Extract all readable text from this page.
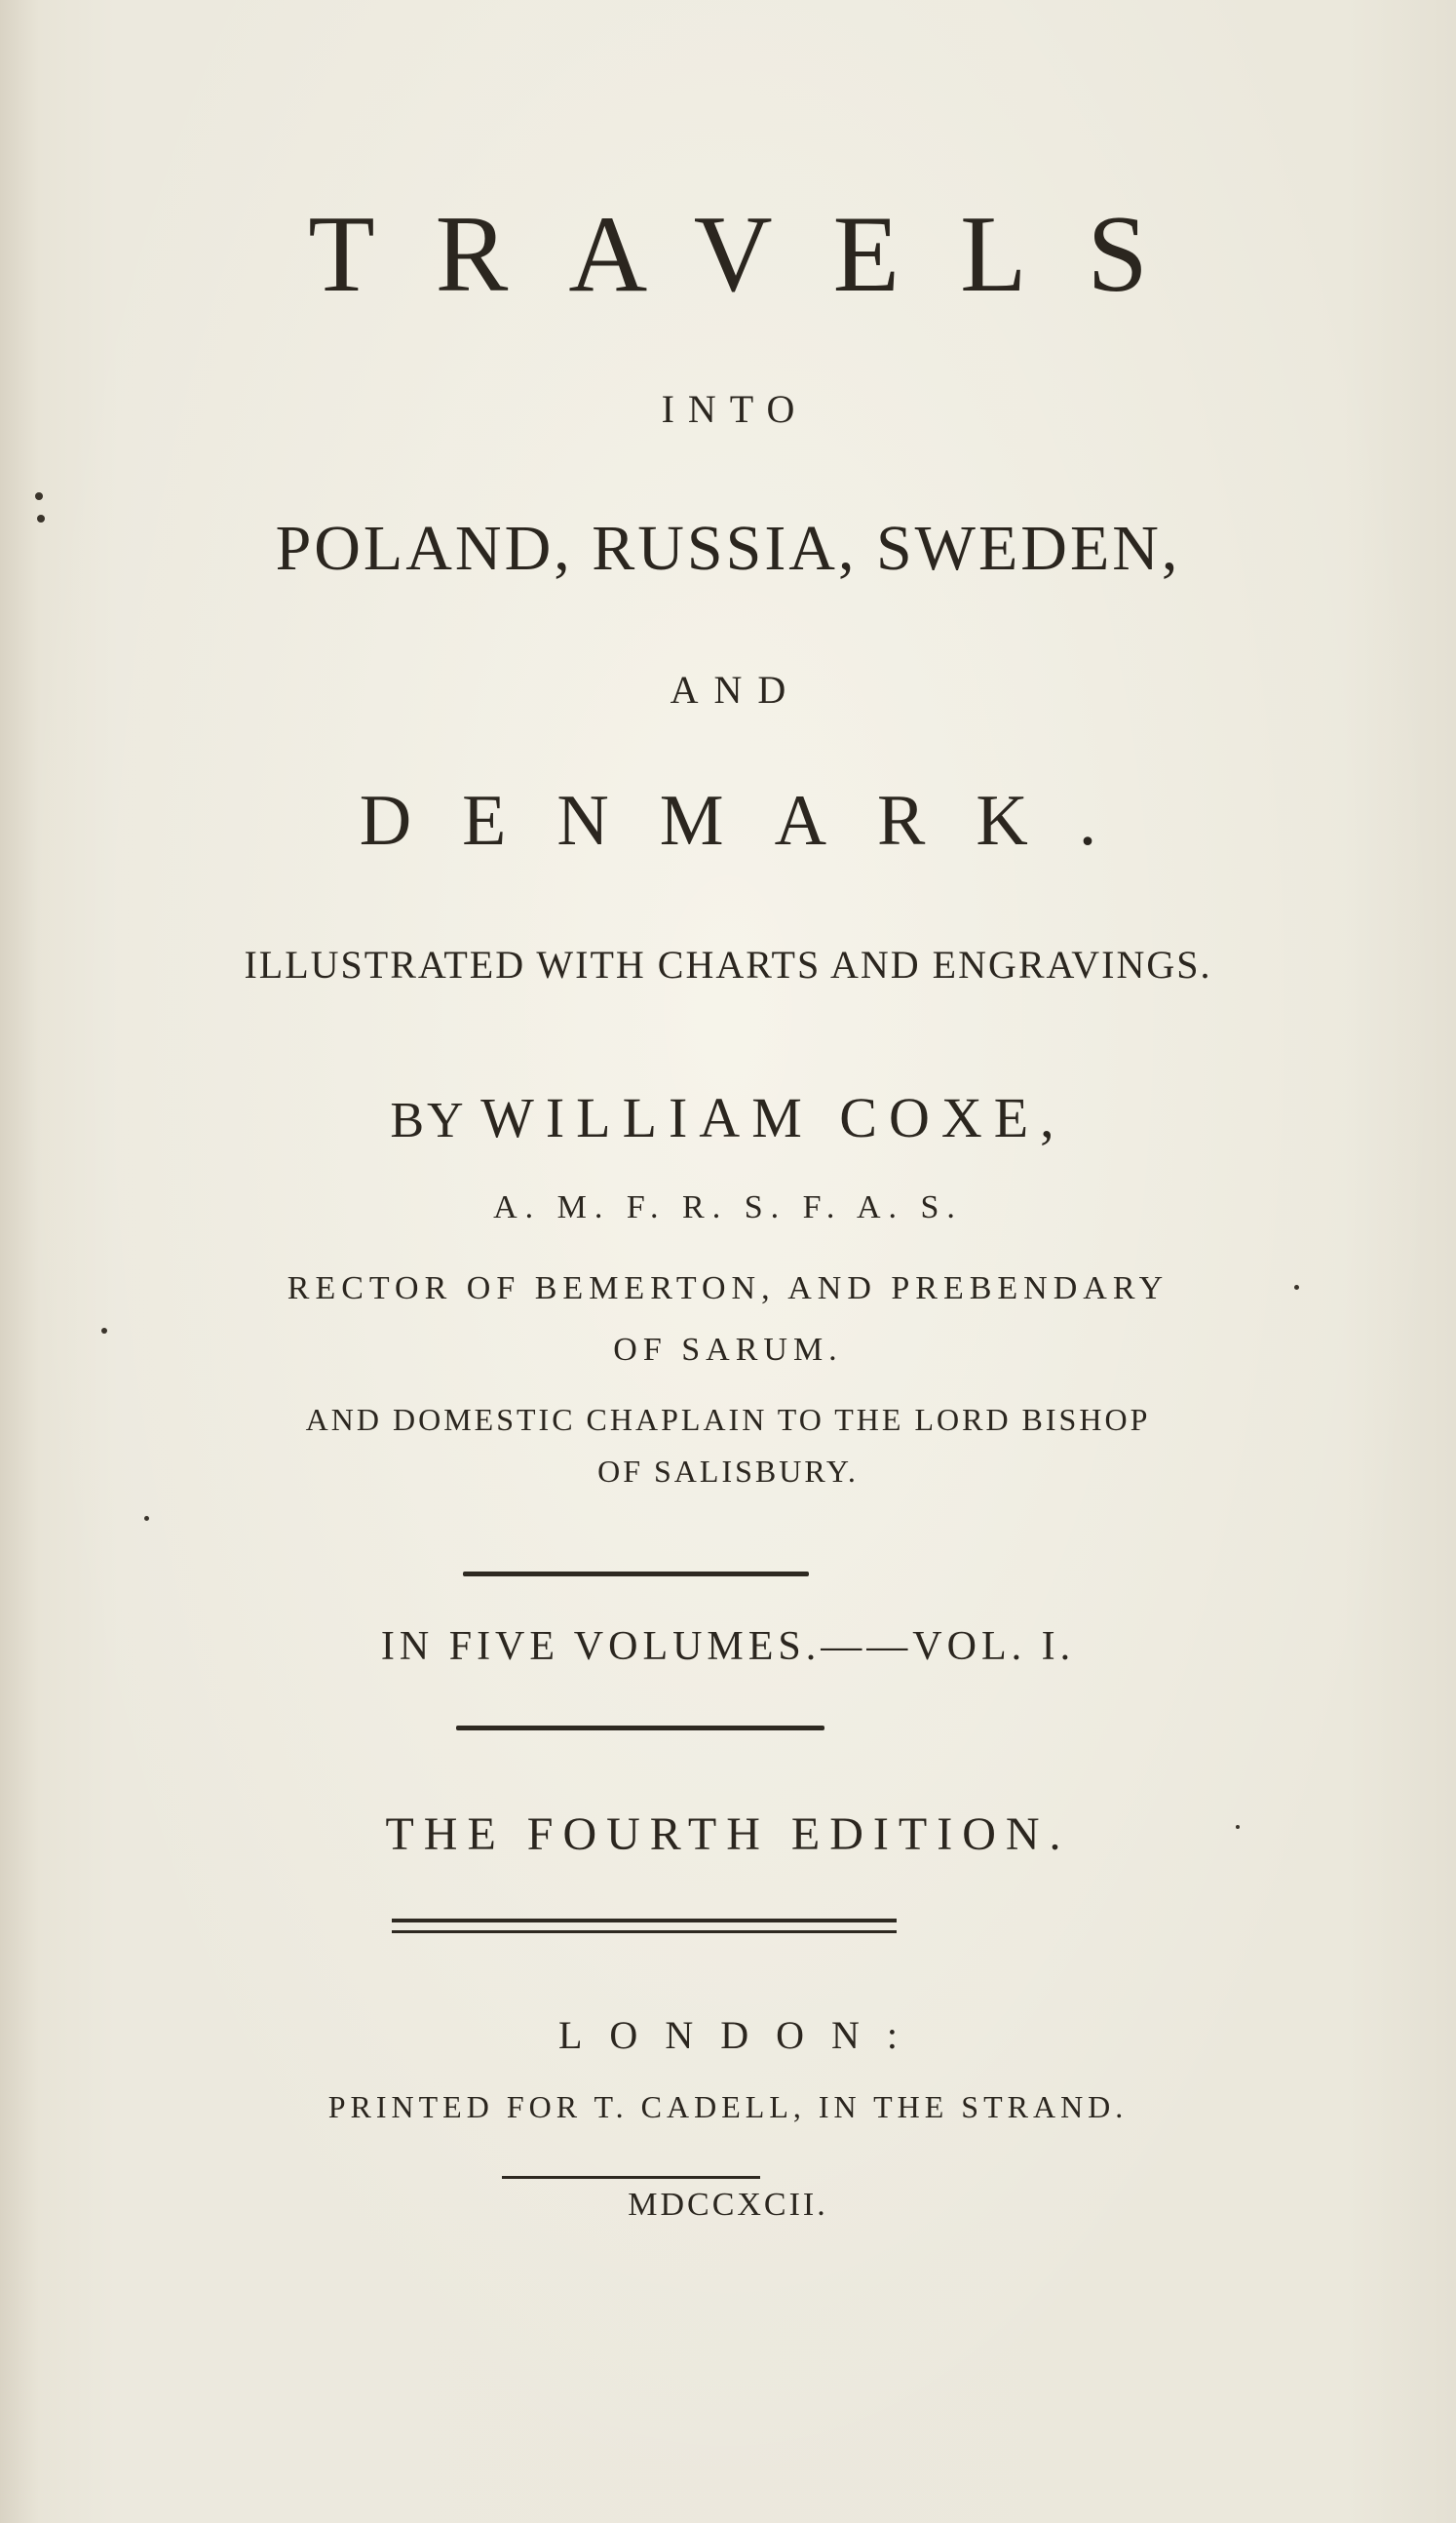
TRAVELS
INTO
POLAND, RUSSIA, SWEDEN,
AND
DENMARK.
ILLUSTRATED WITH CHARTS AND ENGRAVINGS.
BY WILLIAM COXE,
A. M. F. R. S. F. A. S.
RECTOR OF BEMERTON, AND PREBENDARY
OF SARUM.
AND DOMESTIC CHAPLAIN TO THE LORD BISHOP
OF SALISBURY.
IN FIVE VOLUMES.——VOL. I.
THE FOURTH EDITION.
LONDON:
PRINTED FOR T. CADELL, IN THE STRAND.
MDCCXCII.
